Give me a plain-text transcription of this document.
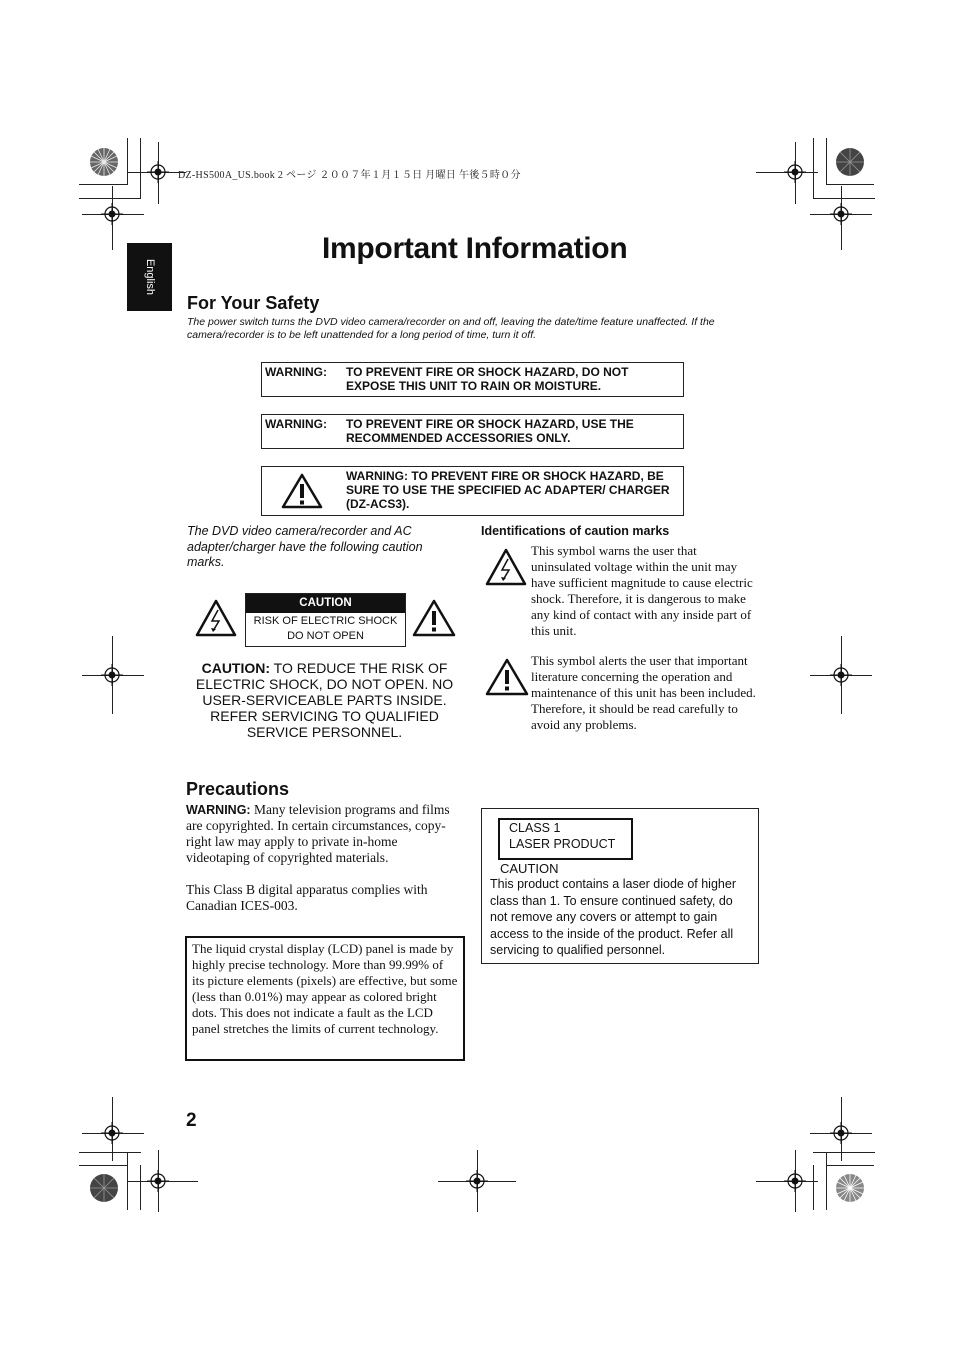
DZ-HS500A_US.book 2 ページ ２００７年１月１５日 月曜日 午後５時０分
English
Important Information
For Your Safety
The power switch turns the DVD video camera/recorder on and off, leaving the date/time feature unaffected. If the camera/recorder is to be left unattended for a long period of time, turn it off.
WARNING: TO PREVENT FIRE OR SHOCK HAZARD, DO NOT EXPOSE THIS UNIT TO RAIN OR MOISTURE.
WARNING: TO PREVENT FIRE OR SHOCK HAZARD, USE THE RECOMMENDED ACCESSORIES ONLY.
WARNING: TO PREVENT FIRE OR SHOCK HAZARD, BE SURE TO USE THE SPECIFIED AC ADAPTER/ CHARGER (DZ-ACS3).
The DVD video camera/recorder and AC adapter/charger have the following caution marks.
CAUTION
RISK OF ELECTRIC SHOCK
DO NOT OPEN
CAUTION: TO REDUCE THE RISK OF ELECTRIC SHOCK, DO NOT OPEN. NO USER-SERVICEABLE PARTS INSIDE. REFER SERVICING TO QUALIFIED SERVICE PERSONNEL.
Identifications of caution marks
This symbol warns the user that uninsulated voltage within the unit may have sufficient magnitude to cause electric shock. Therefore, it is dangerous to make any kind of contact with any inside part of this unit.
This symbol alerts the user that important literature concerning the operation and maintenance of this unit has been included. Therefore, it should be read carefully to avoid any problems.
Precautions
WARNING: Many television programs and films are copyrighted. In certain circumstances, copy-right law may apply to private in-home videotaping of copyrighted materials.
This Class B digital apparatus complies with Canadian ICES-003.
The liquid crystal display (LCD) panel is made by highly precise technology. More than 99.99% of its picture elements (pixels) are effective, but some (less than 0.01%) may appear as colored bright dots. This does not indicate a fault as the LCD panel stretches the limits of current technology.
CLASS 1
LASER PRODUCT
CAUTION
This product contains a laser diode of higher class than 1. To ensure continued safety, do not remove any covers or attempt to gain access to the inside of the product. Refer all servicing to qualified personnel.
2
